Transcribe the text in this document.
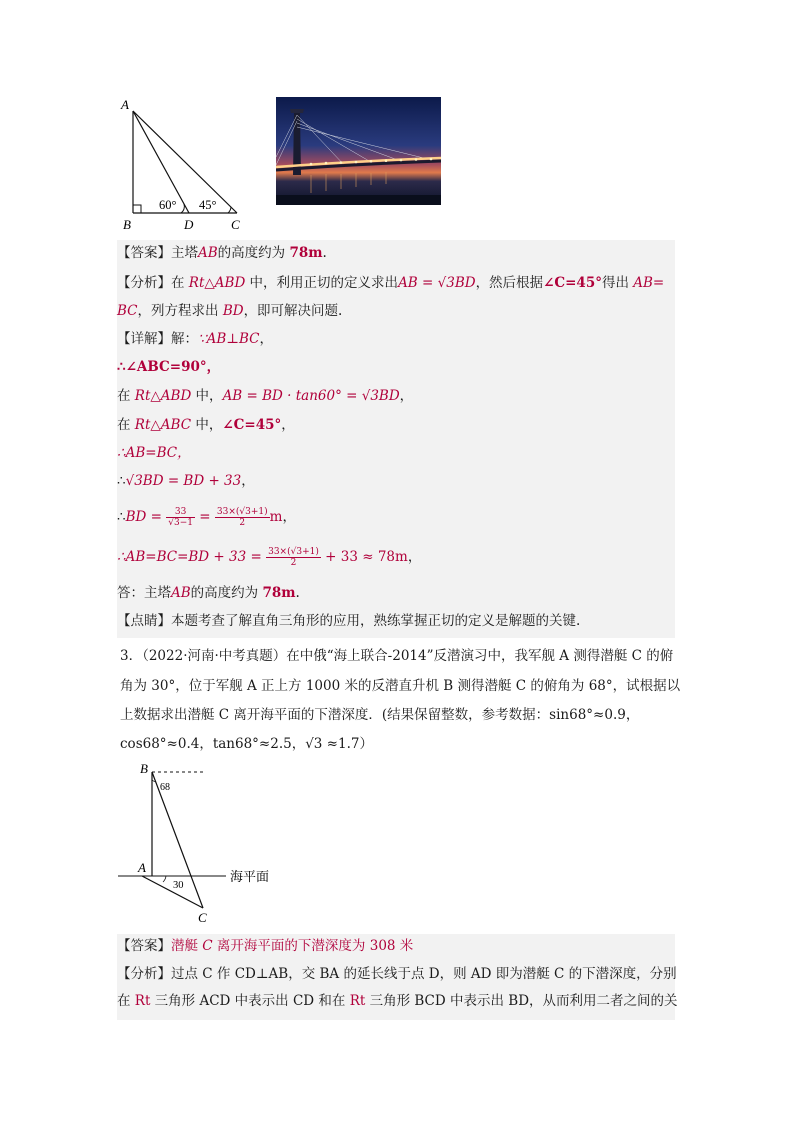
A
B	D	C
60° 45°
【答案】主塔AB的高度约为 78m.
【分析】在 Rt△ABD 中，利用正切的定义求出AB = √3BD，然后根据∠C=45°得出 AB=
BC，列方程求出 BD，即可解决问题.
【详解】解：∵AB⊥BC，
∴∠ABC=90°，
在 Rt△ABD 中，AB = BD · tan60° = √3BD，
在 Rt△ABC 中，∠C=45°，
∴AB=BC，
∴√3BD = BD + 33，
∴BD = $\frac{33}{√3-1} = \frac{33\times(√3+1)}{2}$ m，
∴AB=BC=BD + $33 = \frac{33\times(√3+1)}{2} + 33 \approx 78m$，
答：主塔AB的高度约为 78m.
【点睛】本题考查了解直角三角形的应用，熟练掌握正切的定义是解题的关键.
3．（2022·河南·中考真题）在中俄“海上联合-2014”反潜演习中，我军舰 A 测得潜艇 C 的俯
角为 30°，位于军舰 A 正上方 1000 米的反潜直升机 B 测得潜艇 C 的俯角为 68°，试根据以
上数据求出潜艇 C 离开海平面的下潜深度．(结果保留整数，参考数据：sin68°≈0.9，
cos68°≈0.4，tan68°≈2.5，√3 ≈1.7）
B
A
C
68
30
海平面
【答案】潜艇 C 离开海平面的下潜深度为 308 米
【分析】过点 C 作 CD⊥AB，交 BA 的延长线于点 D，则 AD 即为潜艇 C 的下潜深度，分别
在 Rt 三角形 ACD 中表示出 CD 和在 Rt 三角形 BCD 中表示出 BD，从而利用二者之间的关
